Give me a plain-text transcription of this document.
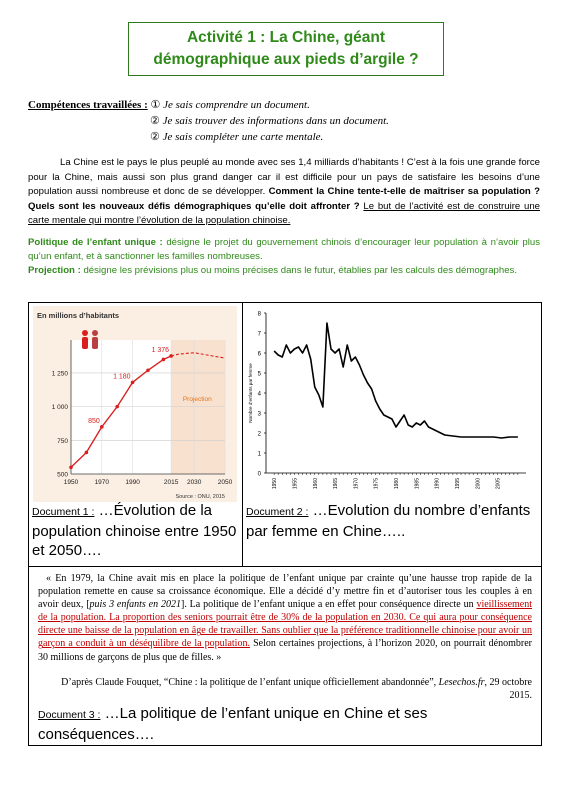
Activité 1 : La Chine, géant
démographique aux pieds d’argile ?
Compétences travaillées : ① Je sais comprendre un document.
② Je sais trouver des informations dans un document.
② Je sais compléter une carte mentale.
La Chine est le pays le plus peuplé au monde avec ses 1,4 milliards d’habitants ! C’est à la fois une grande force pour la Chine, mais aussi son plus grand danger car il est difficile pour un pays de satisfaire les besoins d’une population aussi nombreuse et donc de se développer. Comment la Chine tente-t-elle de maîtriser sa population ? Quels sont les nouveaux défis démographiques qu’elle doit affronter ? Le but de l’activité est de construire une carte mentale qui montre l’évolution de la population chinoise.
Politique de l’enfant unique : désigne le projet du gouvernement chinois d’encourager leur population à n’avoir plus qu’un enfant, et à sanctionner les familles nombreuses.
Projection : désigne les prévisions plus ou moins précises dans le futur, établies par les calculs des démographes.
En millions d’habitants
500
750
1 000
1 250
1950	1970	1990	2015 2030	2050
850
1 180
1 376
Projection
Source : ONU, 2015
Document 1 : …Évolution de la population chinoise entre 1950 et 2050….
0
1
2
3
4
5
6
7
8
1950	1955	1960	1965	1970	1975	1980	1985	1990	1995	2000	2005
Nombre d’enfants par femme
Document 2 : …Evolution du nombre d’enfants par femme en Chine…..
« En 1979, la Chine avait mis en place la politique de l’enfant unique par crainte qu’une hausse trop rapide de la population remette en cause sa croissance économique. Elle a décidé d’y mettre fin et d’autoriser tous les couples à en avoir deux, [puis 3 enfants en 2021]. La politique de l’enfant unique a en effet pour conséquence directe un vieillissement de la population. La proportion des seniors pourrait être de 30% de la population en 2030. Ce qui aura pour conséquence directe une baisse de la population en âge de travailler. Sans oublier que la préférence traditionnelle chinoise pour avoir un garçon a conduit à un déséquilibre de la population. Selon certaines projections, à l’horizon 2020, on pourrait dénombrer 30 millions de garçons de plus que de filles. »
D’après Claude Fouquet, “Chine : la politique de l’enfant unique officiellement abandonnée”, Lesechos.fr, 29 octobre 2015.
Document 3 : …La politique de l’enfant unique en Chine et ses conséquences….
